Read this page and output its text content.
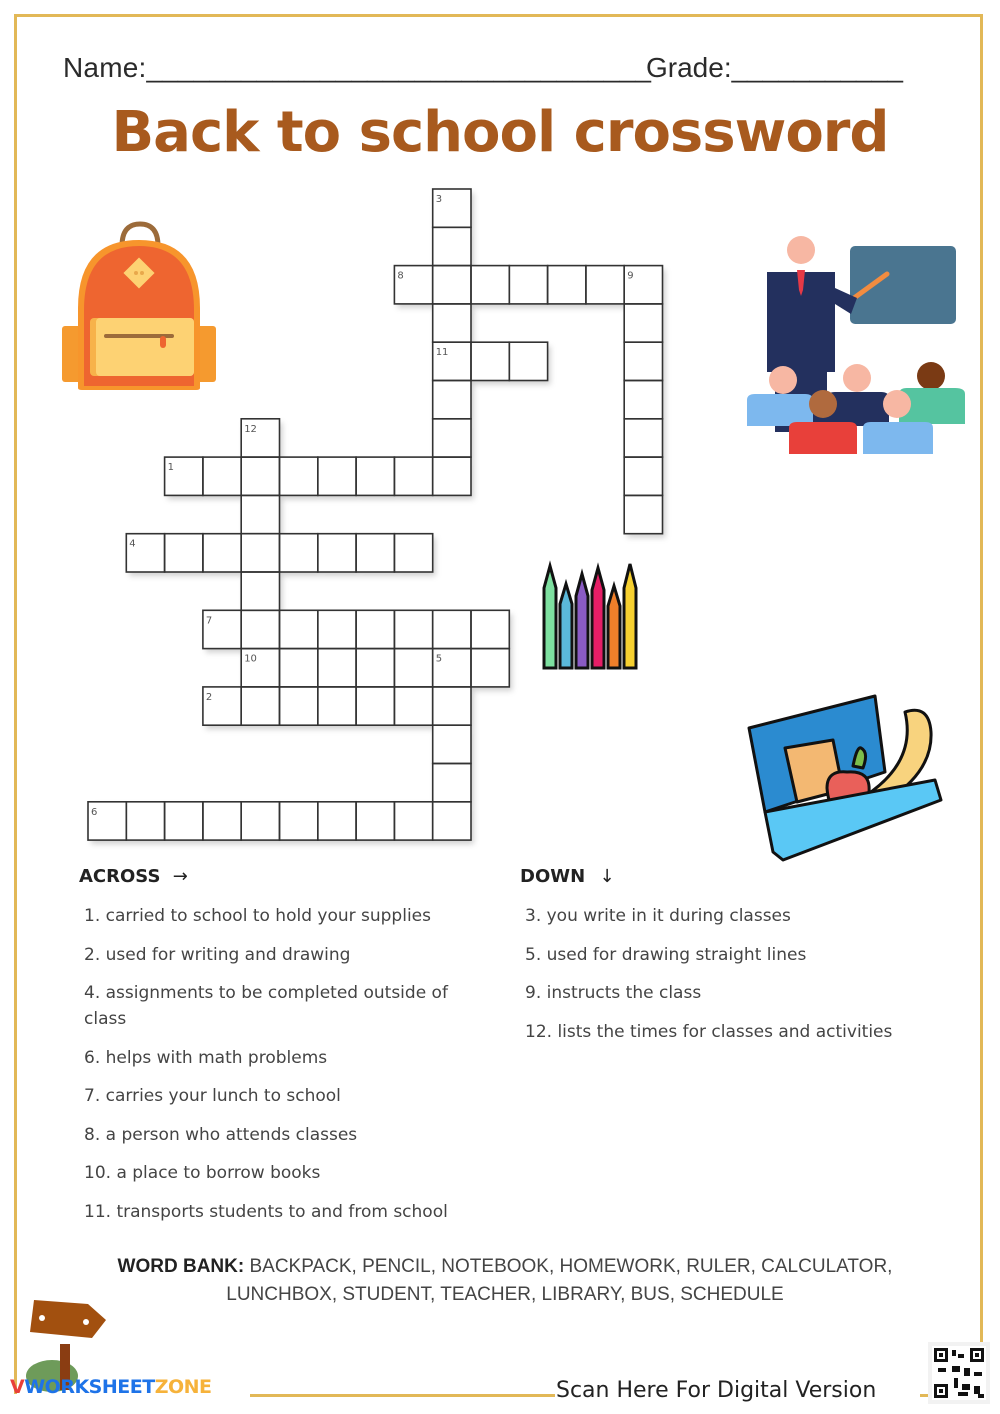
Name:________________________________
Grade:___________
Back to school crossword
1
2
3
11
4
5
6
7
8	9
10
12
ACROSS →
1. carried to school to hold your supplies
2. used for writing and drawing
4. assignments to be completed outside of class
6. helps with math problems
7. carries your lunch to school
8. a person who attends classes
10. a place to borrow books
11. transports students to and from school
DOWN ↓
3. you write in it during classes
5. used for drawing straight lines
9. instructs the class
12. lists the times for classes and activities
WORD BANK: BACKPACK, PENCIL, NOTEBOOK, HOMEWORK, RULER, CALCULATOR, LUNCHBOX, STUDENT, TEACHER, LIBRARY, BUS, SCHEDULE
VWORKSHEETZONE	Scan Here For Digital Version
